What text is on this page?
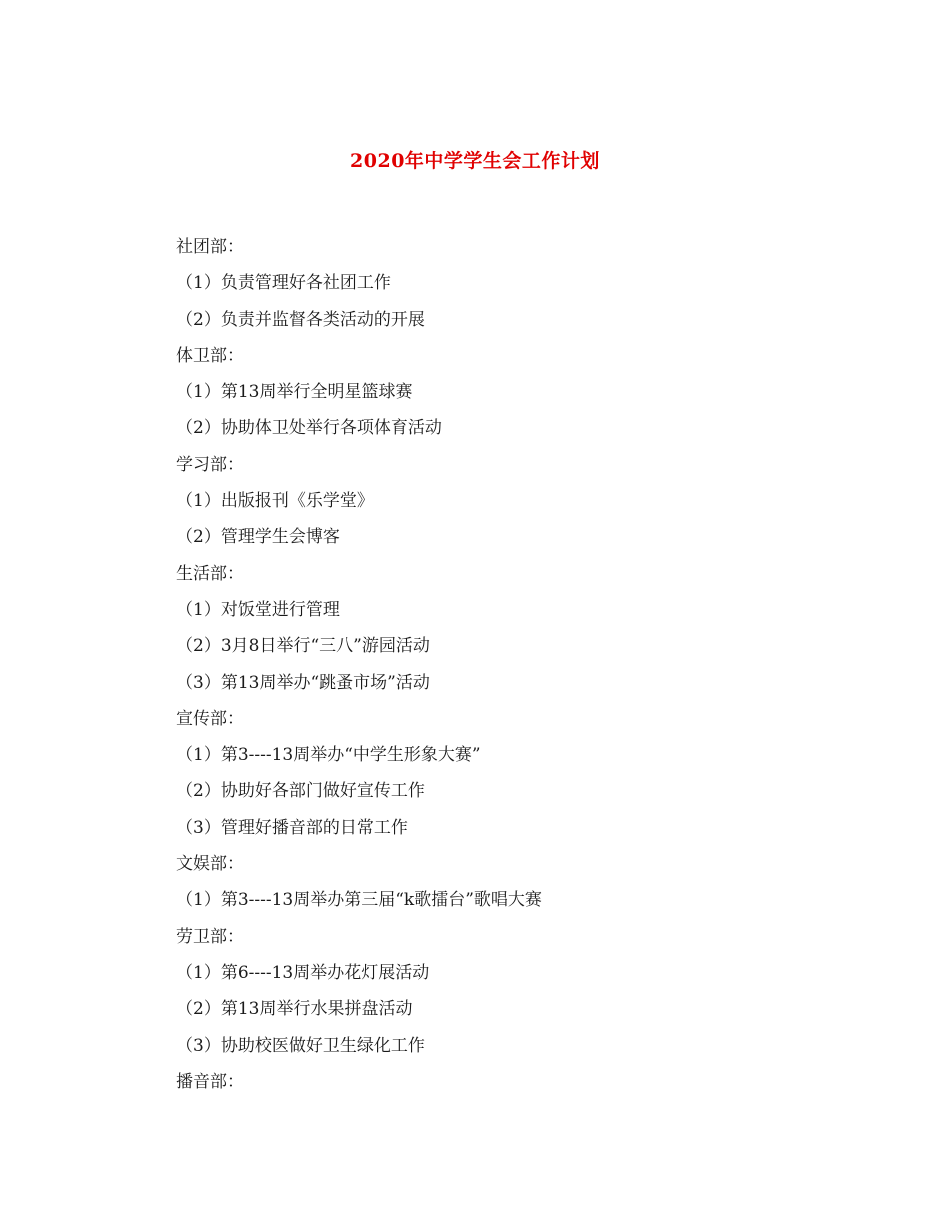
2020年中学学生会工作计划
社团部：
（1）负责管理好各社团工作
（2）负责并监督各类活动的开展
体卫部：
（1）第13周举行全明星篮球赛
（2）协助体卫处举行各项体育活动
学习部：
（1）出版报刊《乐学堂》
（2）管理学生会博客
生活部：
（1）对饭堂进行管理
（2）3月8日举行“三八”游园活动
（3）第13周举办“跳蚤市场”活动
宣传部：
（1）第3----13周举办“中学生形象大赛”
（2）协助好各部门做好宣传工作
（3）管理好播音部的日常工作
文娱部：
（1）第3----13周举办第三届“k歌擂台”歌唱大赛
劳卫部：
（1）第6----13周举办花灯展活动
（2）第13周举行水果拼盘活动
（3）协助校医做好卫生绿化工作
播音部：
